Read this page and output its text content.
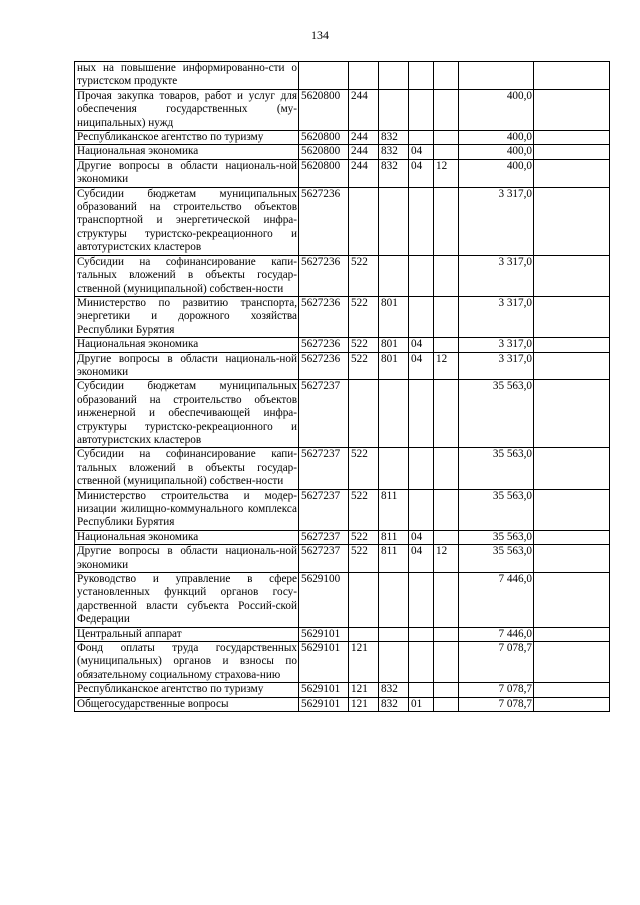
134
ных на повышение информированно-сти о туристском продукте							
Прочая закупка товаров, работ и услуг для обеспечения государственных (му-ниципальных) нужд	5620800	244				400,0	
Республиканское агентство по туризму	5620800	244	832			400,0	
Национальная экономика	5620800	244	832	04		400,0	
Другие вопросы в области националь-ной экономики	5620800	244	832	04	12	400,0	
Субсидии бюджетам муниципальных образований на строительство объектов транспортной и энергетической инфра-структуры туристско-рекреационного и автотуристских кластеров	5627236					3 317,0	
Субсидии на софинансирование капи-тальных вложений в объекты государ-ственной (муниципальной) собствен-ности	5627236	522				3 317,0	
Министерство по развитию транспорта, энергетики и дорожного хозяйства Республики Бурятия	5627236	522	801			3 317,0	
Национальная экономика	5627236	522	801	04		3 317,0	
Другие вопросы в области националь-ной экономики	5627236	522	801	04	12	3 317,0	
Субсидии бюджетам муниципальных образований на строительство объектов инженерной и обеспечивающей инфра-структуры туристско-рекреационного и автотуристских кластеров	5627237					35 563,0	
Субсидии на софинансирование капи-тальных вложений в объекты государ-ственной (муниципальной) собствен-ности	5627237	522				35 563,0	
Министерство строительства и модер-низации жилищно-коммунального комплекса Республики Бурятия	5627237	522	811			35 563,0	
Национальная экономика	5627237	522	811	04		35 563,0	
Другие вопросы в области националь-ной экономики	5627237	522	811	04	12	35 563,0	
Руководство и управление в сфере установленных функций органов госу-дарственной власти субъекта Россий-ской Федерации	5629100					7 446,0	
Центральный аппарат	5629101					7 446,0	
Фонд оплаты труда государственных (муниципальных) органов и взносы по обязательному социальному страхова-нию	5629101	121				7 078,7	
Республиканское агентство по туризму	5629101	121	832			7 078,7	
Общегосударственные вопросы	5629101	121	832	01		7 078,7	
